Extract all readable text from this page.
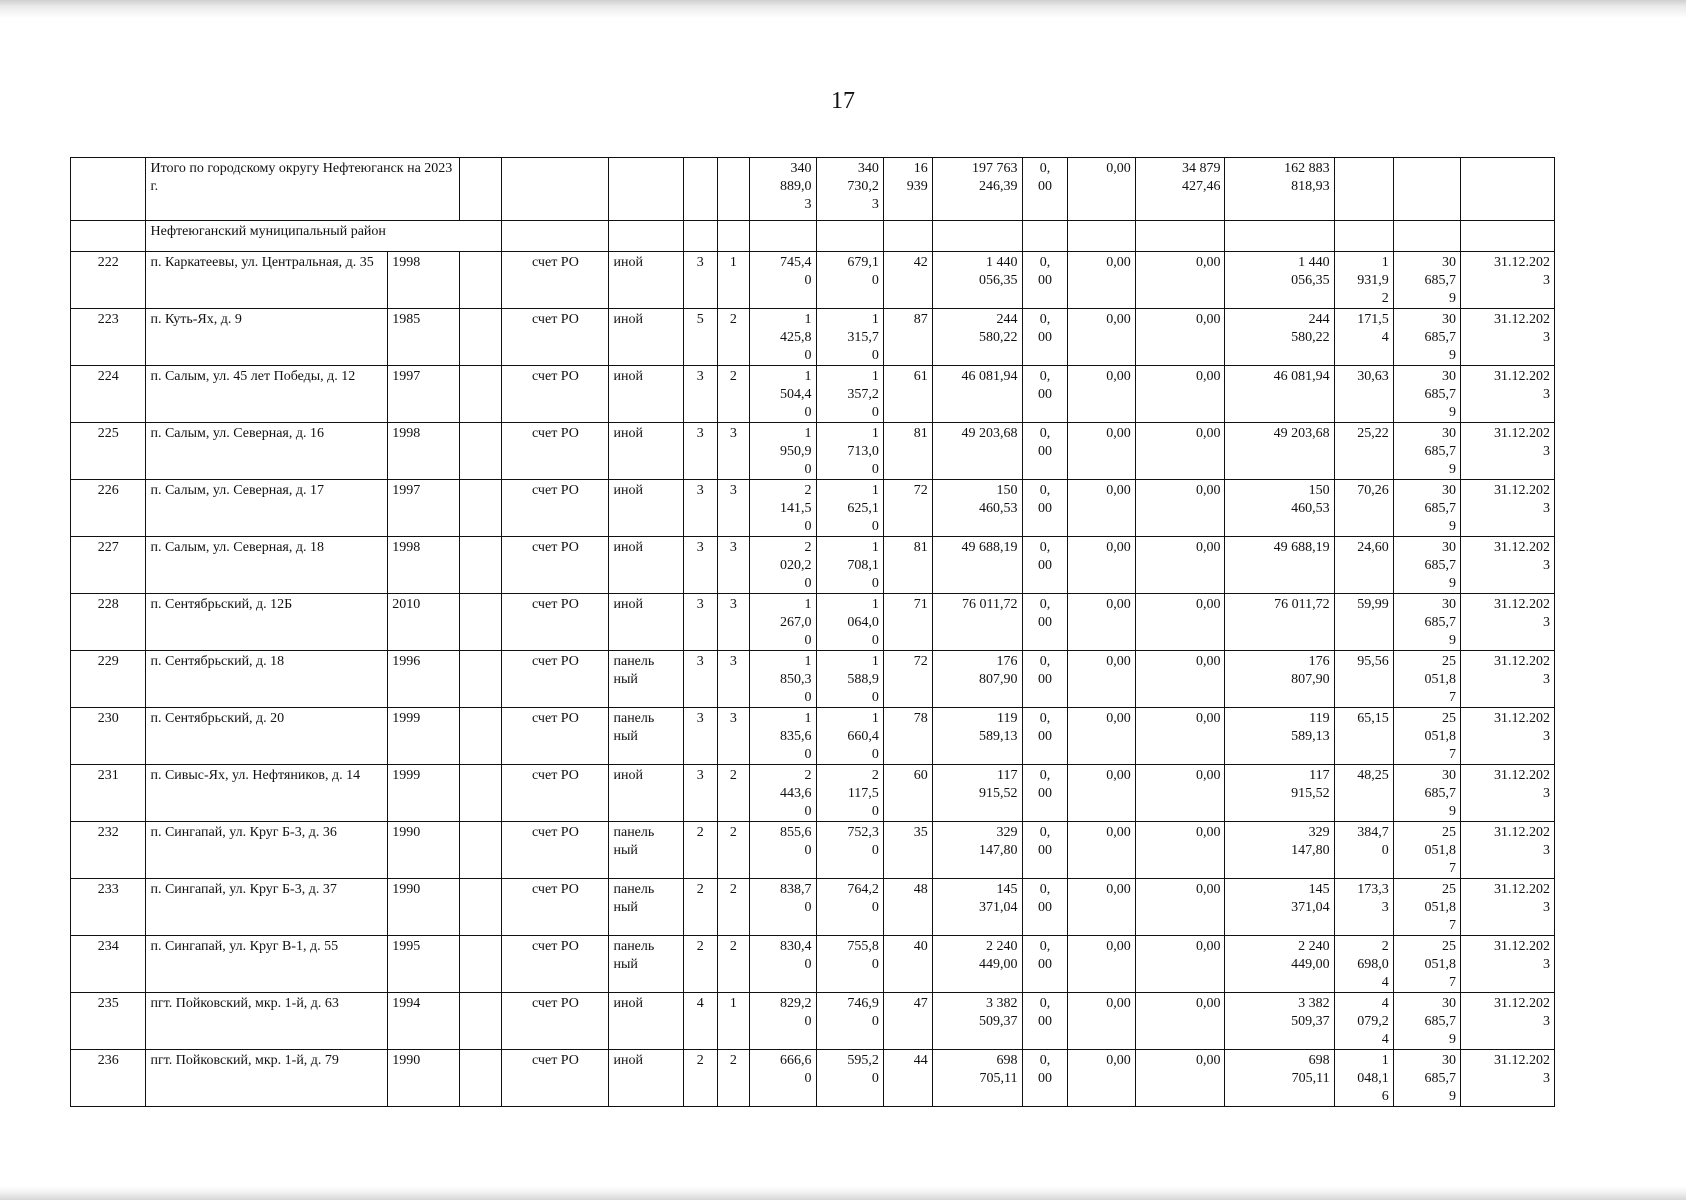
17
	Итого по городскому округу Нефтеюганск на 2023 г.							340
889,0
3	340
730,2
3	16
939	197 763
246,39	0,
00	0,00	34 879
427,46	162 883
818,93			
	Нефтеюганский муниципальный район																	
222	п. Каркатеевы, ул. Центральная, д. 35	1998		счет РО	иной	3	1	745,4
0	679,1
0	42	1 440
056,35	0,
00	0,00	0,00	1 440
056,35	1
931,9
2	30
685,7
9	31.12.202
3
223	п. Куть-Ях, д. 9	1985		счет РО	иной	5	2	1
425,8
0	1
315,7
0	87	244
580,22	0,
00	0,00	0,00	244
580,22	171,5
4	30
685,7
9	31.12.202
3
224	п. Салым, ул. 45 лет Победы, д. 12	1997		счет РО	иной	3	2	1
504,4
0	1
357,2
0	61	46 081,94	0,
00	0,00	0,00	46 081,94	30,63	30
685,7
9	31.12.202
3
225	п. Салым, ул. Северная, д. 16	1998		счет РО	иной	3	3	1
950,9
0	1
713,0
0	81	49 203,68	0,
00	0,00	0,00	49 203,68	25,22	30
685,7
9	31.12.202
3
226	п. Салым, ул. Северная, д. 17	1997		счет РО	иной	3	3	2
141,5
0	1
625,1
0	72	150
460,53	0,
00	0,00	0,00	150
460,53	70,26	30
685,7
9	31.12.202
3
227	п. Салым, ул. Северная, д. 18	1998		счет РО	иной	3	3	2
020,2
0	1
708,1
0	81	49 688,19	0,
00	0,00	0,00	49 688,19	24,60	30
685,7
9	31.12.202
3
228	п. Сентябрьский, д. 12Б	2010		счет РО	иной	3	3	1
267,0
0	1
064,0
0	71	76 011,72	0,
00	0,00	0,00	76 011,72	59,99	30
685,7
9	31.12.202
3
229	п. Сентябрьский, д. 18	1996		счет РО	панель
ный	3	3	1
850,3
0	1
588,9
0	72	176
807,90	0,
00	0,00	0,00	176
807,90	95,56	25
051,8
7	31.12.202
3
230	п. Сентябрьский, д. 20	1999		счет РО	панель
ный	3	3	1
835,6
0	1
660,4
0	78	119
589,13	0,
00	0,00	0,00	119
589,13	65,15	25
051,8
7	31.12.202
3
231	п. Сивыс-Ях, ул. Нефтяников, д. 14	1999		счет РО	иной	3	2	2
443,6
0	2
117,5
0	60	117
915,52	0,
00	0,00	0,00	117
915,52	48,25	30
685,7
9	31.12.202
3
232	п. Сингапай, ул. Круг Б-3, д. 36	1990		счет РО	панель
ный	2	2	855,6
0	752,3
0	35	329
147,80	0,
00	0,00	0,00	329
147,80	384,7
0	25
051,8
7	31.12.202
3
233	п. Сингапай, ул. Круг Б-3, д. 37	1990		счет РО	панель
ный	2	2	838,7
0	764,2
0	48	145
371,04	0,
00	0,00	0,00	145
371,04	173,3
3	25
051,8
7	31.12.202
3
234	п. Сингапай, ул. Круг В-1, д. 55	1995		счет РО	панель
ный	2	2	830,4
0	755,8
0	40	2 240
449,00	0,
00	0,00	0,00	2 240
449,00	2
698,0
4	25
051,8
7	31.12.202
3
235	пгт. Пойковский, мкр. 1-й, д. 63	1994		счет РО	иной	4	1	829,2
0	746,9
0	47	3 382
509,37	0,
00	0,00	0,00	3 382
509,37	4
079,2
4	30
685,7
9	31.12.202
3
236	пгт. Пойковский, мкр. 1-й, д. 79	1990		счет РО	иной	2	2	666,6
0	595,2
0	44	698
705,11	0,
00	0,00	0,00	698
705,11	1
048,1
6	30
685,7
9	31.12.202
3
